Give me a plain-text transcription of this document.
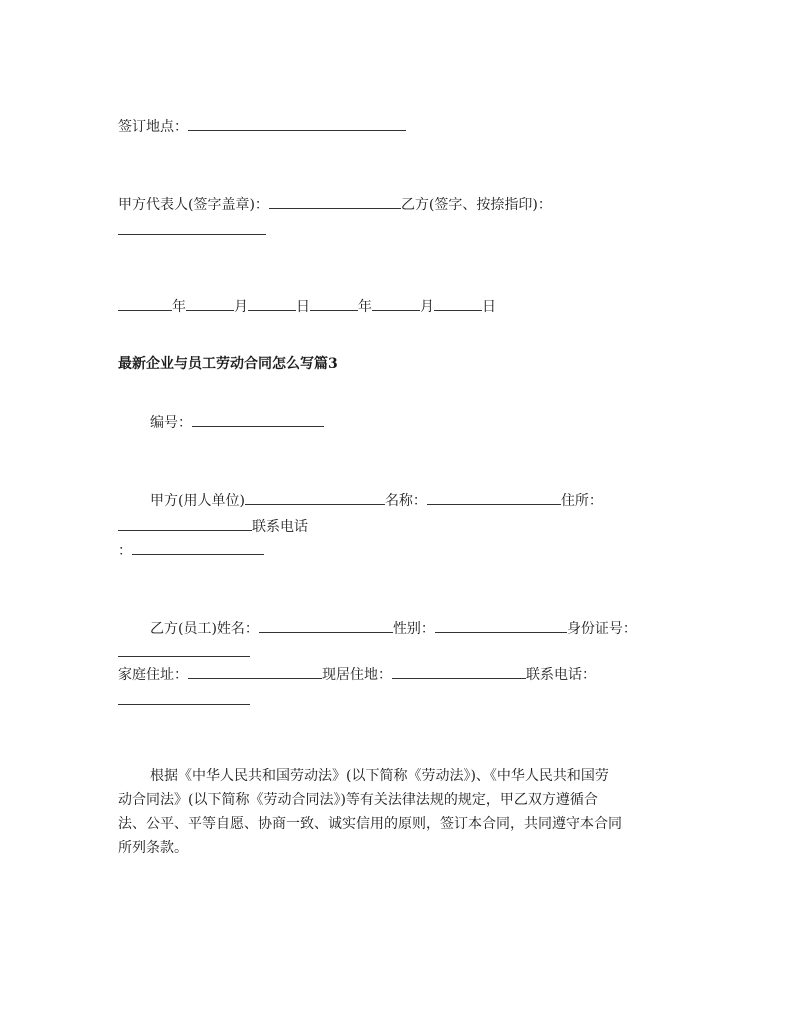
签订地点：
甲方代表人(签字盖章)：	乙方(签字、按捺指印)：
年	月	日	年	月	日
最新企业与员工劳动合同怎么写篇3
编号：
甲方(用人单位)	名称：	住所：
联系电话
：
乙方(员工)姓名：	性别：	身份证号：
家庭住址：	现居住地：	联系电话：
根据《中华人民共和国劳动法》(以下简称《劳动法》)、《中华人民共和国劳
动合同法》(以下简称《劳动合同法》)等有关法律法规的规定，甲乙双方遵循合
法、公平、平等自愿、协商一致、诚实信用的原则，签订本合同，共同遵守本合同
所列条款。
